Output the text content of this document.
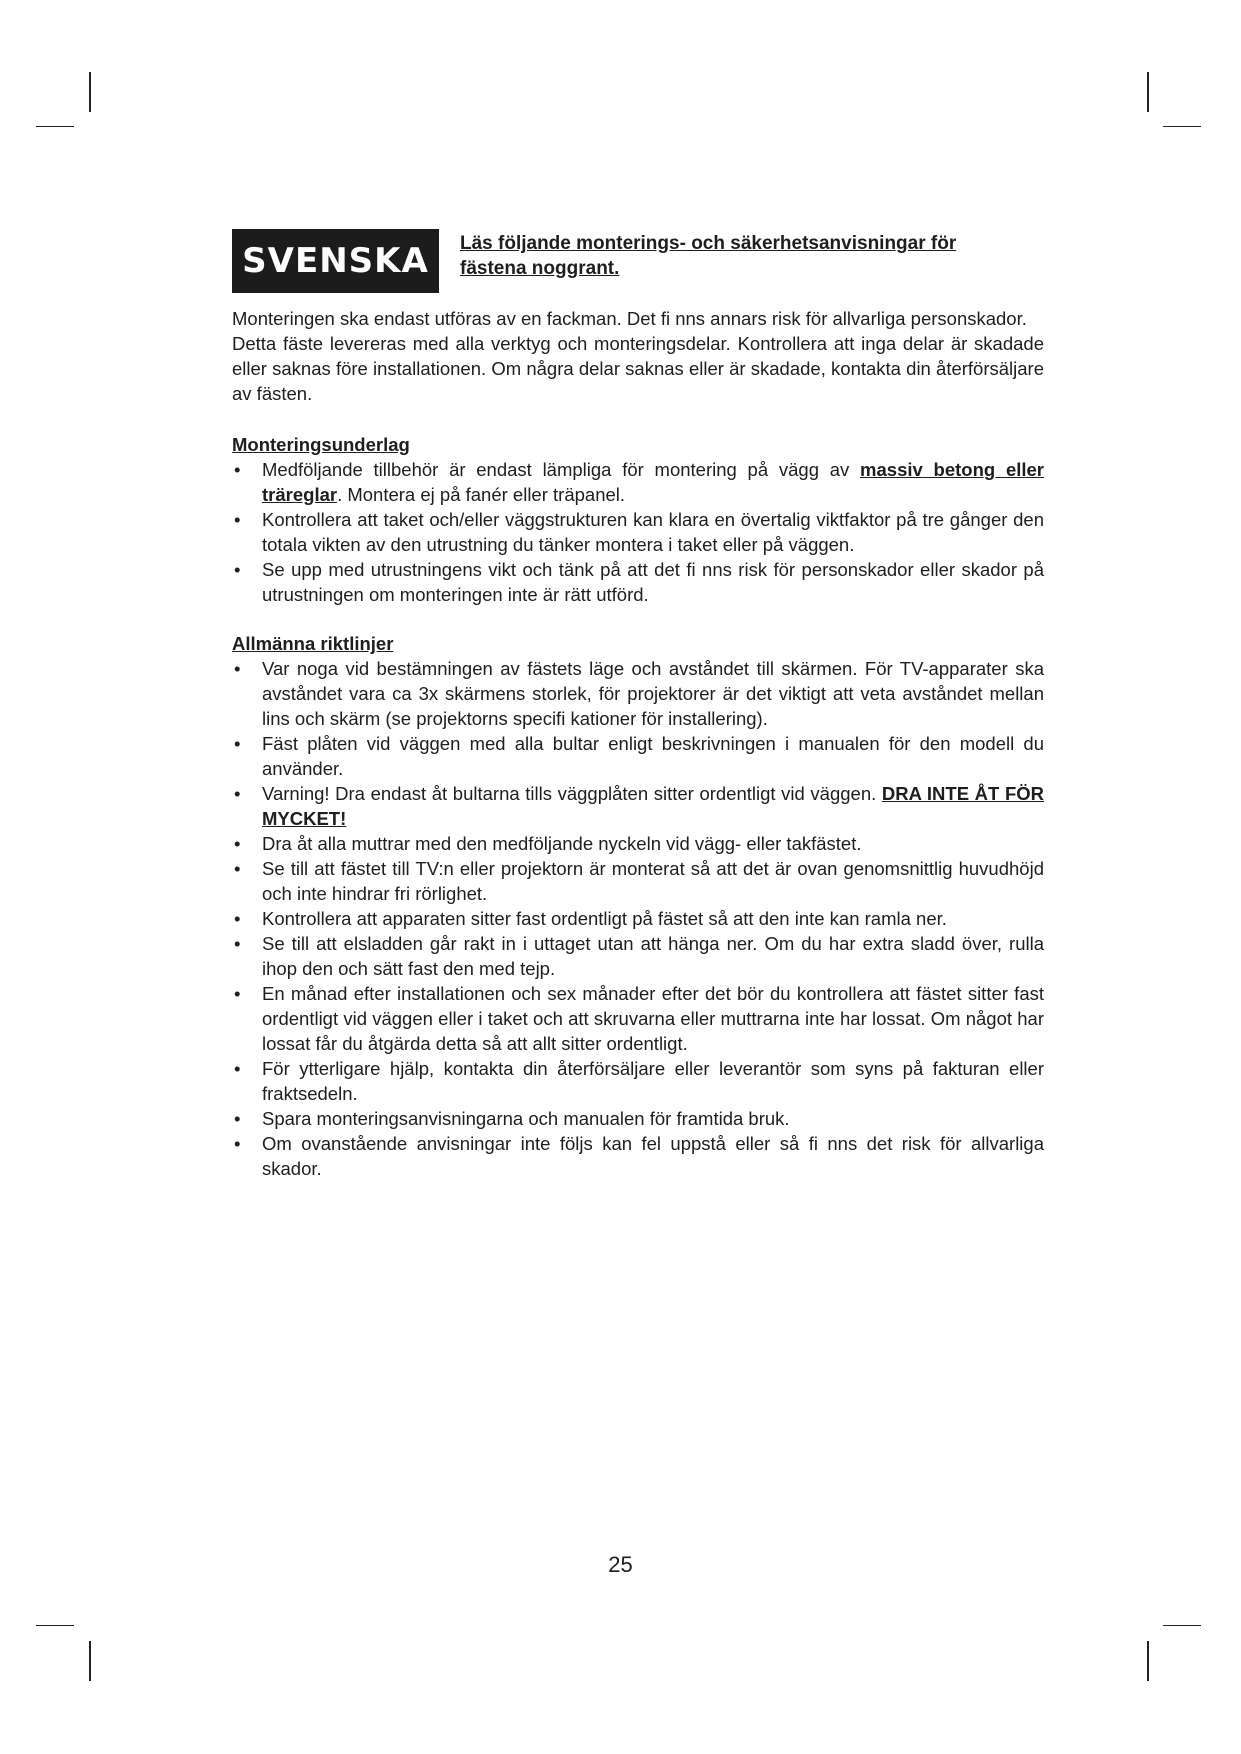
SVENSKA	Läs följande monterings- och säkerhetsanvisningar för fästena noggrant.

Monteringen ska endast utföras av en fackman. Det fi nns annars risk för allvarliga personskador.

Detta fäste levereras med alla verktyg och monteringsdelar. Kontrollera att inga delar är skadade eller saknas före installationen. Om några delar saknas eller är skadade, kontakta din återförsäljare av fästen.

Monteringsunderlag
• Medföljande tillbehör är endast lämpliga för montering på vägg av massiv betong eller träreglar. Montera ej på fanér eller träpanel.
• Kontrollera att taket och/eller väggstrukturen kan klara en övertalig viktfaktor på tre gånger den totala vikten av den utrustning du tänker montera i taket eller på väggen.
• Se upp med utrustningens vikt och tänk på att det fi nns risk för personskador eller skador på utrustningen om monteringen inte är rätt utförd.
Allmänna riktlinjer
• Var noga vid bestämningen av fästets läge och avståndet till skärmen. För TV-apparater ska avståndet vara ca 3x skärmens storlek, för projektorer är det viktigt att veta avståndet mellan lins och skärm (se projektorns specifi kationer för installering).
• Fäst plåten vid väggen med alla bultar enligt beskrivningen i manualen för den modell du använder.
• Varning! Dra endast åt bultarna tills väggplåten sitter ordentligt vid väggen. DRA INTE ÅT FÖR MYCKET!
• Dra åt alla muttrar med den medföljande nyckeln vid vägg- eller takfästet.
• Se till att fästet till TV:n eller projektorn är monterat så att det är ovan genomsnittlig huvudhöjd och inte hindrar fri rörlighet.
• Kontrollera att apparaten sitter fast ordentligt på fästet så att den inte kan ramla ner.
• Se till att elsladden går rakt in i uttaget utan att hänga ner. Om du har extra sladd över, rulla ihop den och sätt fast den med tejp.
• En månad efter installationen och sex månader efter det bör du kontrollera att fästet sitter fast ordentligt vid väggen eller i taket och att skruvarna eller muttrarna inte har lossat. Om något har lossat får du åtgärda detta så att allt sitter ordentligt.
• För ytterligare hjälp, kontakta din återförsäljare eller leverantör som syns på fakturan eller fraktsedeln.
• Spara monteringsanvisningarna och manualen för framtida bruk.
• Om ovanstående anvisningar inte följs kan fel uppstå eller så fi nns det risk för allvarliga skador.
25
